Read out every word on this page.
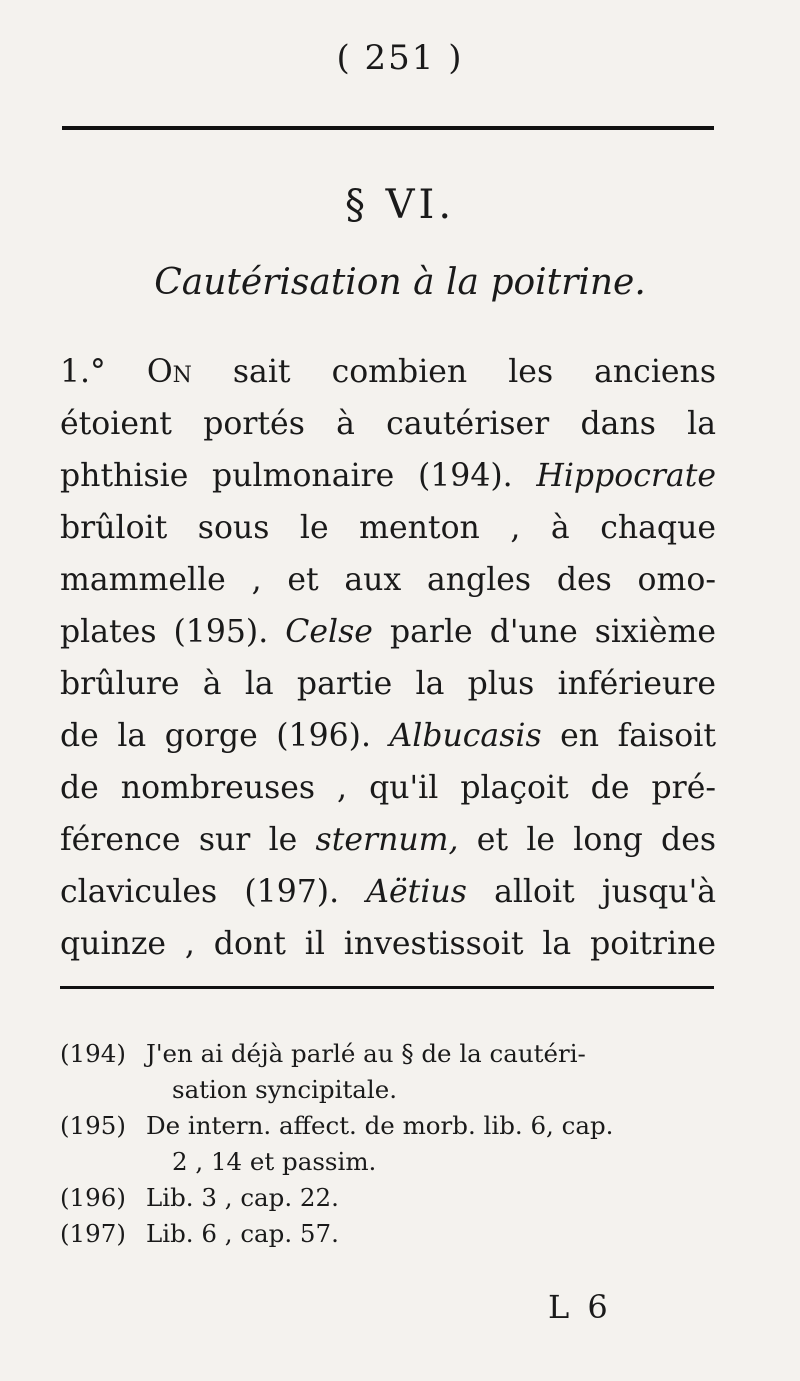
( 251 )
§ VI.
Cautérisation à la poitrine.
1.° On sait combien les anciens
étoient portés à cautériser dans la
phthisie pulmonaire (194). Hippocrate
brûloit sous le menton , à chaque
mammelle , et aux angles des omo-
plates (195). Celse parle d'une sixième
brûlure à la partie la plus inférieure
de la gorge (196). Albucasis en faisoit
de nombreuses , qu'il plaçoit de pré-
férence sur le sternum, et le long des
clavicules (197). Aëtius alloit jusqu'à
quinze , dont il investissoit la poitrine
(194) J'en ai déjà parlé au § de la cautéri-
sation syncipitale.
(195) De intern. affect. de morb. lib. 6, cap.
2 , 14 et passim.
(196) Lib. 3 , cap. 22.
(197) Lib. 6 , cap. 57.
L 6
